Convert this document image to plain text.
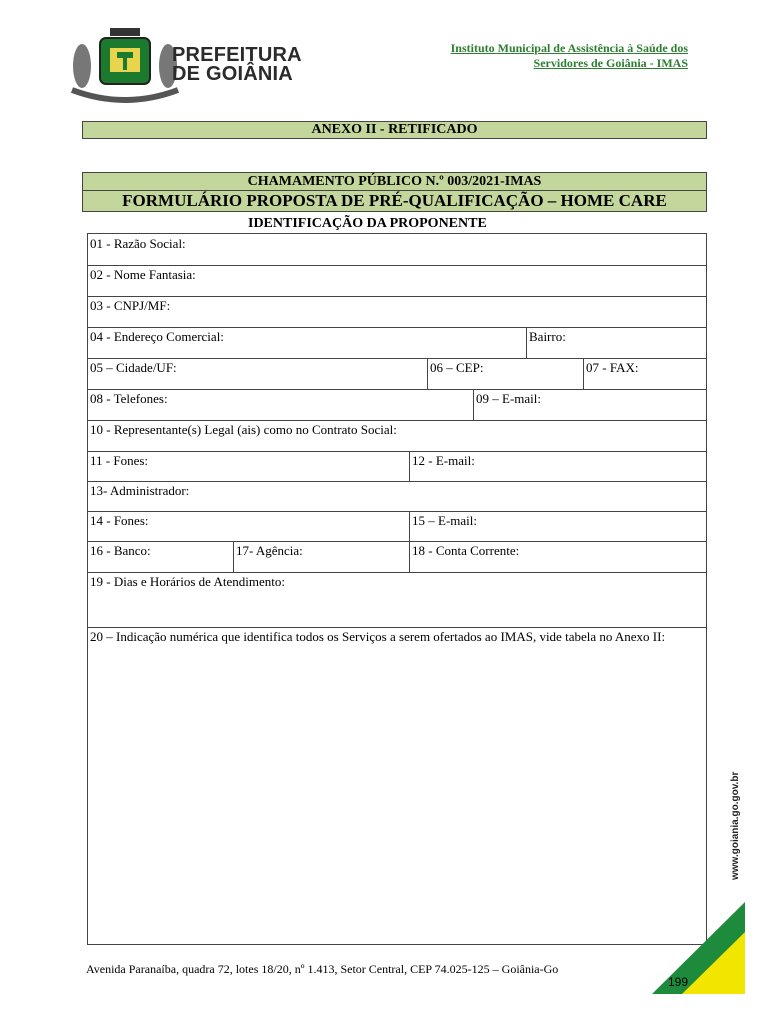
PREFEITURA
DE GOIÂNIA
Instituto Municipal de Assistência à Saúde dos
Servidores de Goiânia - IMAS
ANEXO II - RETIFICADO
CHAMAMENTO PÚBLICO N.º 003/2021-IMAS
FORMULÁRIO PROPOSTA DE PRÉ-QUALIFICAÇÃO – HOME CARE
IDENTIFICAÇÃO DA PROPONENTE
01 - Razão Social:
02 - Nome Fantasia:
03 - CNPJ/MF:
04 - Endereço Comercial:	Bairro:
05 – Cidade/UF:	06 – CEP:	07 - FAX:
08 - Telefones:	09 – E-mail:
10 - Representante(s) Legal (ais) como no Contrato Social:
11 - Fones:	12 - E-mail:
13- Administrador:
14 - Fones:	15 – E-mail:
16 - Banco:	17- Agência:	18 - Conta Corrente:
19 - Dias e Horários de Atendimento:
20 – Indicação numérica que identifica todos os Serviços a serem ofertados ao IMAS, vide tabela no Anexo II:
Avenida Paranaíba, quadra 72, lotes 18/20, nº 1.413, Setor Central, CEP 74.025-125 – Goiânia-Go
www.goiania.go.gov.br
199
